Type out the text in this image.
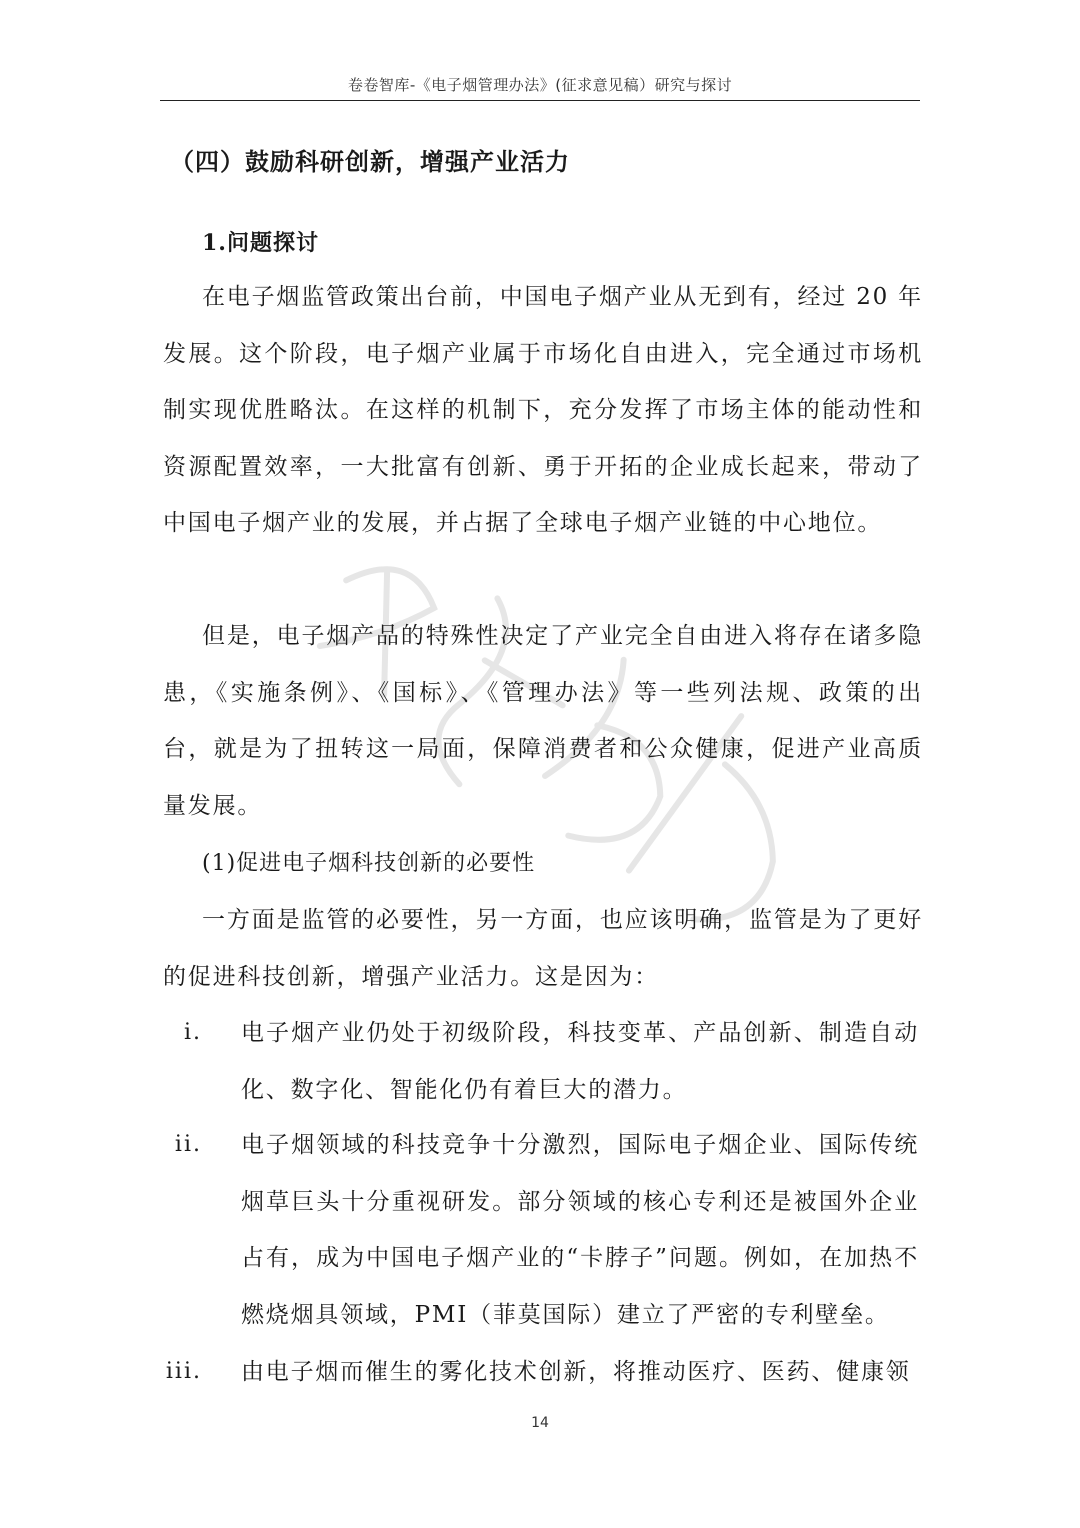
卷卷智库-《电子烟管理办法》(征求意见稿）研究与探讨
（四）鼓励科研创新，增强产业活力
1.问题探讨

在电子烟监管政策出台前，中国电子烟产业从无到有，经过 20 年发展。这个阶段，电子烟产业属于市场化自由进入，完全通过市场机制实现优胜略汰。在这样的机制下，充分发挥了市场主体的能动性和资源配置效率，一大批富有创新、勇于开拓的企业成长起来，带动了中国电子烟产业的发展，并占据了全球电子烟产业链的中心地位。

但是，电子烟产品的特殊性决定了产业完全自由进入将存在诸多隐患，《实施条例》、《国标》、《管理办法》等一些列法规、政策的出台，就是为了扭转这一局面，保障消费者和公众健康，促进产业高质量发展。

(1)促进电子烟科技创新的必要性

一方面是监管的必要性，另一方面，也应该明确，监管是为了更好的促进科技创新，增强产业活力。这是因为：

i. 电子烟产业仍处于初级阶段，科技变革、产品创新、制造自动化、数字化、智能化仍有着巨大的潜力。
ii. 电子烟领域的科技竞争十分激烈，国际电子烟企业、国际传统烟草巨头十分重视研发。部分领域的核心专利还是被国外企业占有，成为中国电子烟产业的“卡脖子”问题。例如，在加热不燃烧烟具领域，PMI（菲莫国际）建立了严密的专利壁垒。
iii. 由电子烟而催生的雾化技术创新，将推动医疗、医药、健康领
14
